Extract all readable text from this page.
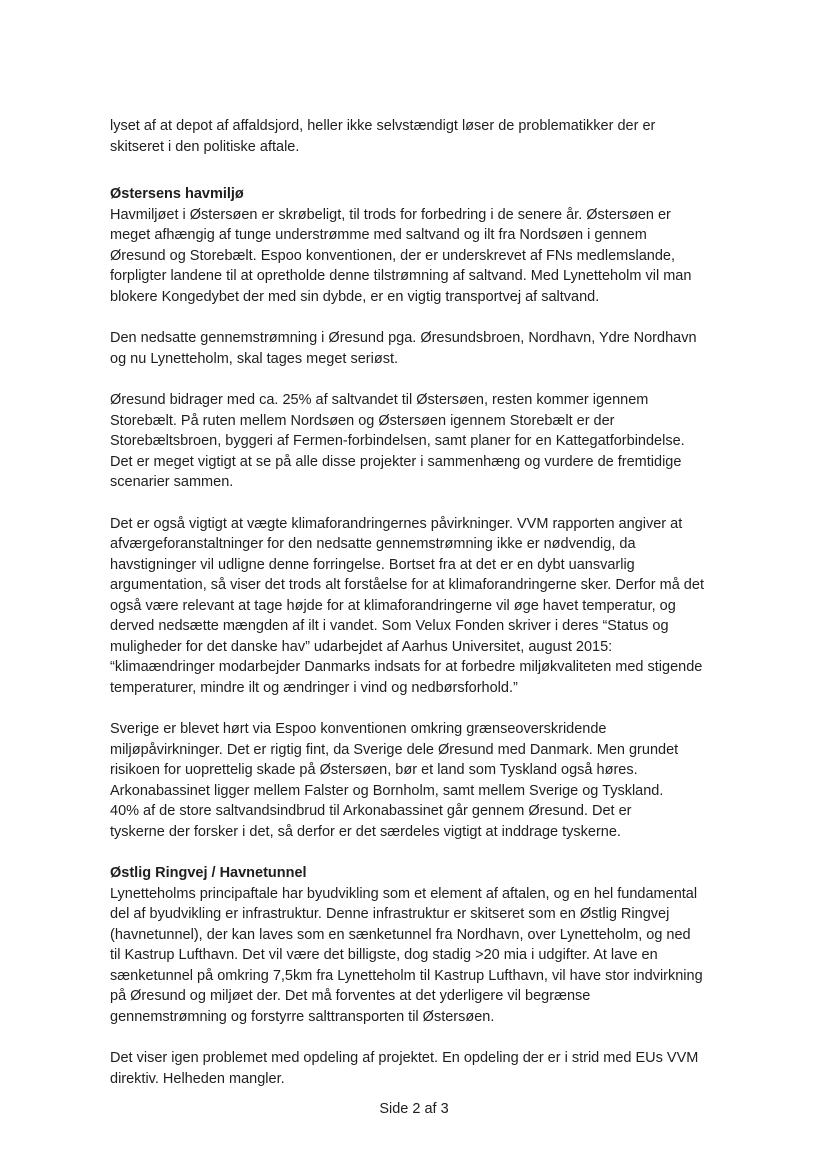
lyset af at depot af affaldsjord, heller ikke selvstændigt løser de problematikker der er
skitseret i den politiske aftale.

Østersens havmiljø

Havmiljøet i Østersøen er skrøbeligt, til trods for forbedring i de senere år. Østersøen er
meget afhængig af tunge understrømme med saltvand og ilt fra Nordsøen i gennem
Øresund og Storebælt. Espoo konventionen, der er underskrevet af FNs medlemslande,
forpligter landene til at opretholde denne tilstrømning af saltvand. Med Lynetteholm vil man
blokere Kongedybet der med sin dybde, er en vigtig transportvej af saltvand.

Den nedsatte gennemstrømning i Øresund pga. Øresundsbroen, Nordhavn, Ydre Nordhavn
og nu Lynetteholm, skal tages meget seriøst.

Øresund bidrager med ca. 25% af saltvandet til Østersøen, resten kommer igennem
Storebælt. På ruten mellem Nordsøen og Østersøen igennem Storebælt er der
Storebæltsbroen, byggeri af Fermen-forbindelsen, samt planer for en Kattegatforbindelse.
Det er meget vigtigt at se på alle disse projekter i sammenhæng og vurdere de fremtidige
scenarier sammen.

Det er også vigtigt at vægte klimaforandringernes påvirkninger. VVM rapporten angiver at
afværgeforanstaltninger for den nedsatte gennemstrømning ikke er nødvendig, da
havstigninger vil udligne denne forringelse. Bortset fra at det er en dybt uansvarlig
argumentation, så viser det trods alt forståelse for at klimaforandringerne sker. Derfor må det
også være relevant at tage højde for at klimaforandringerne vil øge havet temperatur, og
derved nedsætte mængden af ilt i vandet. Som Velux Fonden skriver i deres “Status og
muligheder for det danske hav” udarbejdet af Aarhus Universitet, august 2015:
“klimaændringer modarbejder Danmarks indsats for at forbedre miljøkvaliteten med stigende
temperaturer, mindre ilt og ændringer i vind og nedbørsforhold.”

Sverige er blevet hørt via Espoo konventionen omkring grænseoverskridende
miljøpåvirkninger. Det er rigtig fint, da Sverige dele Øresund med Danmark. Men grundet
risikoen for uoprettelig skade på Østersøen, bør et land som Tyskland også høres.
Arkonabassinet ligger mellem Falster og Bornholm, samt mellem Sverige og Tyskland.
40% af de store saltvandsindbrud til Arkonabassinet går gennem Øresund. Det er
tyskerne der forsker i det, så derfor er det særdeles vigtigt at inddrage tyskerne.

Østlig Ringvej / Havnetunnel

Lynetteholms principaftale har byudvikling som et element af aftalen, og en hel fundamental
del af byudvikling er infrastruktur. Denne infrastruktur er skitseret som en Østlig Ringvej
(havnetunnel), der kan laves som en sænketunnel fra Nordhavn, over Lynetteholm, og ned
til Kastrup Lufthavn. Det vil være det billigste, dog stadig >20 mia i udgifter. At lave en
sænketunnel på omkring 7,5km fra Lynetteholm til Kastrup Lufthavn, vil have stor indvirkning
på Øresund og miljøet der. Det må forventes at det yderligere vil begrænse
gennemstrømning og forstyrre salttransporten til Østersøen.

Det viser igen problemet med opdeling af projektet. En opdeling der er i strid med EUs VVM
direktiv. Helheden mangler.

Side 2 af 3
